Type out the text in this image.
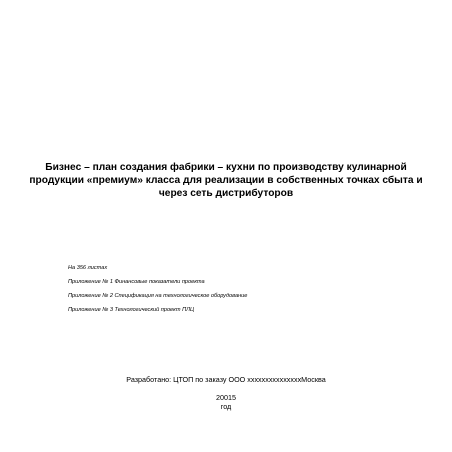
Бизнес – план создания фабрики – кухни по производству кулинарной
продукции «премиум» класса для реализации в собственных точках сбыта и
через сеть дистрибуторов
На 356 листах
Приложение № 1 Финансовые показатели проекта
Приложение № 2 Спецификация на технологическое оборудование
Приложение № 3 Технологический проект ПЛЦ
Разработано: ЦТОП по заказу ООО хххххххххххххххМосква
20015
год
